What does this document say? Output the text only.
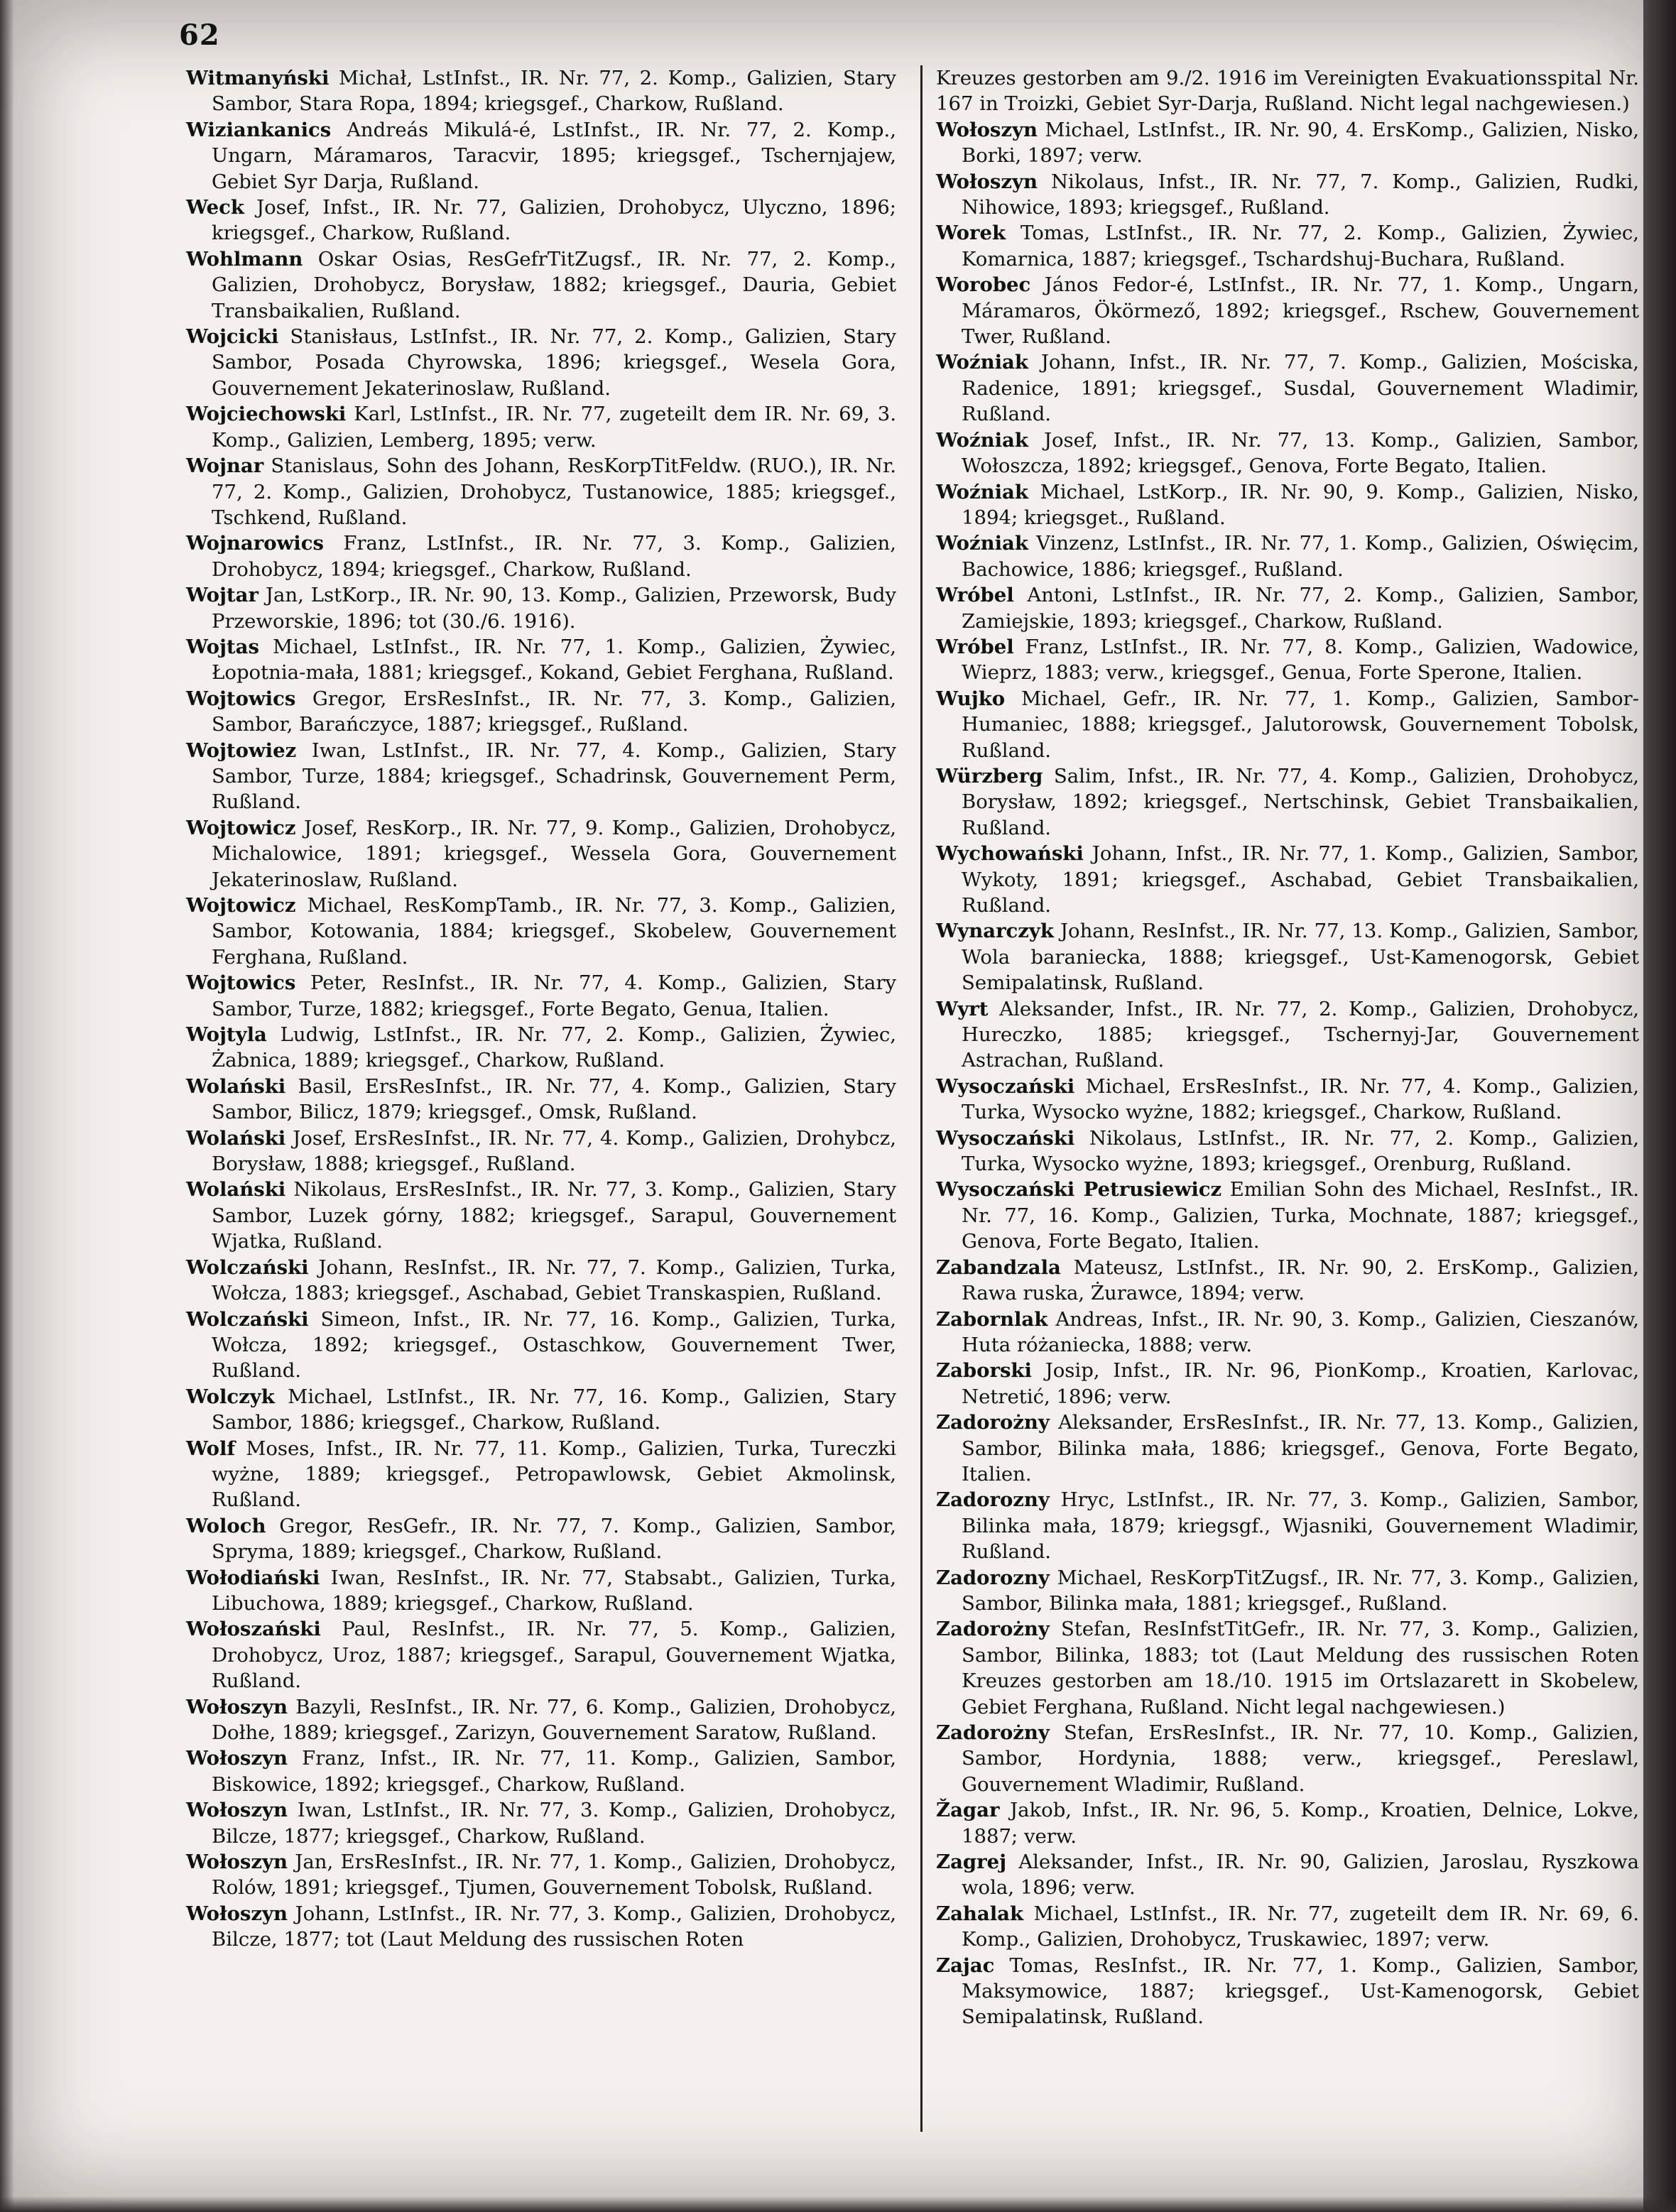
62

Witmanyński Michał, LstInfst., IR. Nr. 77, 2. Komp., Galizien, Stary Sambor, Stara Ropa, 1894; kriegsgef., Charkow, Rußland.

Wiziankanics Andreás Mikulá-é, LstInfst., IR. Nr. 77, 2. Komp., Ungarn, Máramaros, Taracvir, 1895; kriegsgef., Tschernjajew, Gebiet Syr Darja, Rußland.

Weck Josef, Infst., IR. Nr. 77, Galizien, Drohobycz, Ulyczno, 1896; kriegsgef., Charkow, Rußland.

Wohlmann Oskar Osias, ResGefrTitZugsf., IR. Nr. 77, 2. Komp., Galizien, Drohobycz, Borysław, 1882; kriegsgef., Dauria, Gebiet Transbaikalien, Rußland.

Wojcicki Stanisłaus, LstInfst., IR. Nr. 77, 2. Komp., Galizien, Stary Sambor, Posada Chyrowska, 1896; kriegsgef., Wesela Gora, Gouvernement Jekaterinoslaw, Rußland.

Wojciechowski Karl, LstInfst., IR. Nr. 77, zugeteilt dem IR. Nr. 69, 3. Komp., Galizien, Lemberg, 1895; verw.

Wojnar Stanislaus, Sohn des Johann, ResKorpTitFeldw. (RUO.), IR. Nr. 77, 2. Komp., Galizien, Drohobycz, Tustanowice, 1885; kriegsgef., Tschkend, Rußland.

Wojnarowics Franz, LstInfst., IR. Nr. 77, 3. Komp., Galizien, Drohobycz, 1894; kriegsgef., Charkow, Rußland.

Wojtar Jan, LstKorp., IR. Nr. 90, 13. Komp., Galizien, Przeworsk, Budy Przeworskie, 1896; tot (30./6. 1916).

Wojtas Michael, LstInfst., IR. Nr. 77, 1. Komp., Galizien, Żywiec, Łopotnia-mała, 1881; kriegsgef., Kokand, Gebiet Ferghana, Rußland.

Wojtowics Gregor, ErsResInfst., IR. Nr. 77, 3. Komp., Galizien, Sambor, Barańczyce, 1887; kriegsgef., Rußland.

Wojtowiez Iwan, LstInfst., IR. Nr. 77, 4. Komp., Galizien, Stary Sambor, Turze, 1884; kriegsgef., Schadrinsk, Gouvernement Perm, Rußland.

Wojtowicz Josef, ResKorp., IR. Nr. 77, 9. Komp., Galizien, Drohobycz, Michalowice, 1891; kriegsgef., Wessela Gora, Gouvernement Jekaterinoslaw, Rußland.

Wojtowicz Michael, ResKompTamb., IR. Nr. 77, 3. Komp., Galizien, Sambor, Kotowania, 1884; kriegsgef., Skobelew, Gouvernement Ferghana, Rußland.

Wojtowics Peter, ResInfst., IR. Nr. 77, 4. Komp., Galizien, Stary Sambor, Turze, 1882; kriegsgef., Forte Begato, Genua, Italien.

Wojtyla Ludwig, LstInfst., IR. Nr. 77, 2. Komp., Galizien, Żywiec, Żabnica, 1889; kriegsgef., Charkow, Rußland.

Wolański Basil, ErsResInfst., IR. Nr. 77, 4. Komp., Galizien, Stary Sambor, Bilicz, 1879; kriegsgef., Omsk, Rußland.

Wolański Josef, ErsResInfst., IR. Nr. 77, 4. Komp., Galizien, Drohybcz, Borysław, 1888; kriegsgef., Rußland.

Wolański Nikolaus, ErsResInfst., IR. Nr. 77, 3. Komp., Galizien, Stary Sambor, Luzek górny, 1882; kriegsgef., Sarapul, Gouvernement Wjatka, Rußland.

Wolczański Johann, ResInfst., IR. Nr. 77, 7. Komp., Galizien, Turka, Wołcza, 1883; kriegsgef., Aschabad, Gebiet Transkaspien, Rußland.

Wolczański Simeon, Infst., IR. Nr. 77, 16. Komp., Galizien, Turka, Wołcza, 1892; kriegsgef., Ostaschkow, Gouvernement Twer, Rußland.

Wolczyk Michael, LstInfst., IR. Nr. 77, 16. Komp., Galizien, Stary Sambor, 1886; kriegsgef., Charkow, Rußland.

Wolf Moses, Infst., IR. Nr. 77, 11. Komp., Galizien, Turka, Tureczki wyżne, 1889; kriegsgef., Petropawlowsk, Gebiet Akmolinsk, Rußland.

Woloch Gregor, ResGefr., IR. Nr. 77, 7. Komp., Galizien, Sambor, Spryma, 1889; kriegsgef., Charkow, Rußland.

Wołodiański Iwan, ResInfst., IR. Nr. 77, Stabsabt., Galizien, Turka, Libuchowa, 1889; kriegsgef., Charkow, Rußland.

Wołoszański Paul, ResInfst., IR. Nr. 77, 5. Komp., Galizien, Drohobycz, Uroz, 1887; kriegsgef., Sarapul, Gouvernement Wjatka, Rußland.

Wołoszyn Bazyli, ResInfst., IR. Nr. 77, 6. Komp., Galizien, Drohobycz, Dołhe, 1889; kriegsgef., Zarizyn, Gouvernement Saratow, Rußland.

Wołoszyn Franz, Infst., IR. Nr. 77, 11. Komp., Galizien, Sambor, Biskowice, 1892; kriegsgef., Charkow, Rußland.

Wołoszyn Iwan, LstInfst., IR. Nr. 77, 3. Komp., Galizien, Drohobycz, Bilcze, 1877; kriegsgef., Charkow, Rußland.

Wołoszyn Jan, ErsResInfst., IR. Nr. 77, 1. Komp., Galizien, Drohobycz, Rolów, 1891; kriegsgef., Tjumen, Gouvernement Tobolsk, Rußland.

Wołoszyn Johann, LstInfst., IR. Nr. 77, 3. Komp., Galizien, Drohobycz, Bilcze, 1877; tot (Laut Meldung des russischen Roten

Kreuzes gestorben am 9./2. 1916 im Vereinigten Evakuationsspital Nr. 167 in Troizki, Gebiet Syr-Darja, Rußland. Nicht legal nachgewiesen.)

Wołoszyn Michael, LstInfst., IR. Nr. 90, 4. ErsKomp., Galizien, Nisko, Borki, 1897; verw.

Wołoszyn Nikolaus, Infst., IR. Nr. 77, 7. Komp., Galizien, Rudki, Nihowice, 1893; kriegsgef., Rußland.

Worek Tomas, LstInfst., IR. Nr. 77, 2. Komp., Galizien, Żywiec, Komarnica, 1887; kriegsgef., Tschardshuj-Buchara, Rußland.

Worobec János Fedor-é, LstInfst., IR. Nr. 77, 1. Komp., Ungarn, Máramaros, Ökörmező, 1892; kriegsgef., Rschew, Gouvernement Twer, Rußland.

Woźniak Johann, Infst., IR. Nr. 77, 7. Komp., Galizien, Mościska, Radenice, 1891; kriegsgef., Susdal, Gouvernement Wladimir, Rußland.

Woźniak Josef, Infst., IR. Nr. 77, 13. Komp., Galizien, Sambor, Wołoszcza, 1892; kriegsgef., Genova, Forte Begato, Italien.

Woźniak Michael, LstKorp., IR. Nr. 90, 9. Komp., Galizien, Nisko, 1894; kriegsget., Rußland.

Woźniak Vinzenz, LstInfst., IR. Nr. 77, 1. Komp., Galizien, Oświęcim, Bachowice, 1886; kriegsgef., Rußland.

Wróbel Antoni, LstInfst., IR. Nr. 77, 2. Komp., Galizien, Sambor, Zamiejskie, 1893; kriegsgef., Charkow, Rußland.

Wróbel Franz, LstInfst., IR. Nr. 77, 8. Komp., Galizien, Wadowice, Wieprz, 1883; verw., kriegsgef., Genua, Forte Sperone, Italien.

Wujko Michael, Gefr., IR. Nr. 77, 1. Komp., Galizien, Sambor-Humaniec, 1888; kriegsgef., Jalutorowsk, Gouvernement Tobolsk, Rußland.

Würzberg Salim, Infst., IR. Nr. 77, 4. Komp., Galizien, Drohobycz, Borysław, 1892; kriegsgef., Nertschinsk, Gebiet Transbaikalien, Rußland.

Wychowański Johann, Infst., IR. Nr. 77, 1. Komp., Galizien, Sambor, Wykoty, 1891; kriegsgef., Aschabad, Gebiet Transbaikalien, Rußland.

Wynarczyk Johann, ResInfst., IR. Nr. 77, 13. Komp., Galizien, Sambor, Wola baraniecka, 1888; kriegsgef., Ust-Kamenogorsk, Gebiet Semipalatinsk, Rußland.

Wyrt Aleksander, Infst., IR. Nr. 77, 2. Komp., Galizien, Drohobycz, Hureczko, 1885; kriegsgef., Tschernyj-Jar, Gouvernement Astrachan, Rußland.

Wysoczański Michael, ErsResInfst., IR. Nr. 77, 4. Komp., Galizien, Turka, Wysocko wyżne, 1882; kriegsgef., Charkow, Rußland.

Wysoczański Nikolaus, LstInfst., IR. Nr. 77, 2. Komp., Galizien, Turka, Wysocko wyżne, 1893; kriegsgef., Orenburg, Rußland.

Wysoczański Petrusiewicz Emilian Sohn des Michael, ResInfst., IR. Nr. 77, 16. Komp., Galizien, Turka, Mochnate, 1887; kriegsgef., Genova, Forte Begato, Italien.

Zabandzala Mateusz, LstInfst., IR. Nr. 90, 2. ErsKomp., Galizien, Rawa ruska, Żurawce, 1894; verw.

Zabornlak Andreas, Infst., IR. Nr. 90, 3. Komp., Galizien, Cieszanów, Huta różaniecka, 1888; verw.

Zaborski Josip, Infst., IR. Nr. 96, PionKomp., Kroatien, Karlovac, Netretić, 1896; verw.

Zadorożny Aleksander, ErsResInfst., IR. Nr. 77, 13. Komp., Galizien, Sambor, Bilinka mała, 1886; kriegsgef., Genova, Forte Begato, Italien.

Zadorozny Hryc, LstInfst., IR. Nr. 77, 3. Komp., Galizien, Sambor, Bilinka mała, 1879; kriegsgf., Wjasniki, Gouvernement Wladimir, Rußland.

Zadorozny Michael, ResKorpTitZugsf., IR. Nr. 77, 3. Komp., Galizien, Sambor, Bilinka mała, 1881; kriegsgef., Rußland.

Zadorożny Stefan, ResInfstTitGefr., IR. Nr. 77, 3. Komp., Galizien, Sambor, Bilinka, 1883; tot (Laut Meldung des russischen Roten Kreuzes gestorben am 18./10. 1915 im Ortslazarett in Skobelew, Gebiet Ferghana, Rußland. Nicht legal nachgewiesen.)

Zadorożny Stefan, ErsResInfst., IR. Nr. 77, 10. Komp., Galizien, Sambor, Hordynia, 1888; verw., kriegsgef., Pereslawl, Gouvernement Wladimir, Rußland.

Žagar Jakob, Infst., IR. Nr. 96, 5. Komp., Kroatien, Delnice, Lokve, 1887; verw.

Zagrej Aleksander, Infst., IR. Nr. 90, Galizien, Jaroslau, Ryszkowa wola, 1896; verw.

Zahalak Michael, LstInfst., IR. Nr. 77, zugeteilt dem IR. Nr. 69, 6. Komp., Galizien, Drohobycz, Truskawiec, 1897; verw.

Zajac Tomas, ResInfst., IR. Nr. 77, 1. Komp., Galizien, Sambor, Maksymowice, 1887; kriegsgef., Ust-Kamenogorsk, Gebiet Semipalatinsk, Rußland.
